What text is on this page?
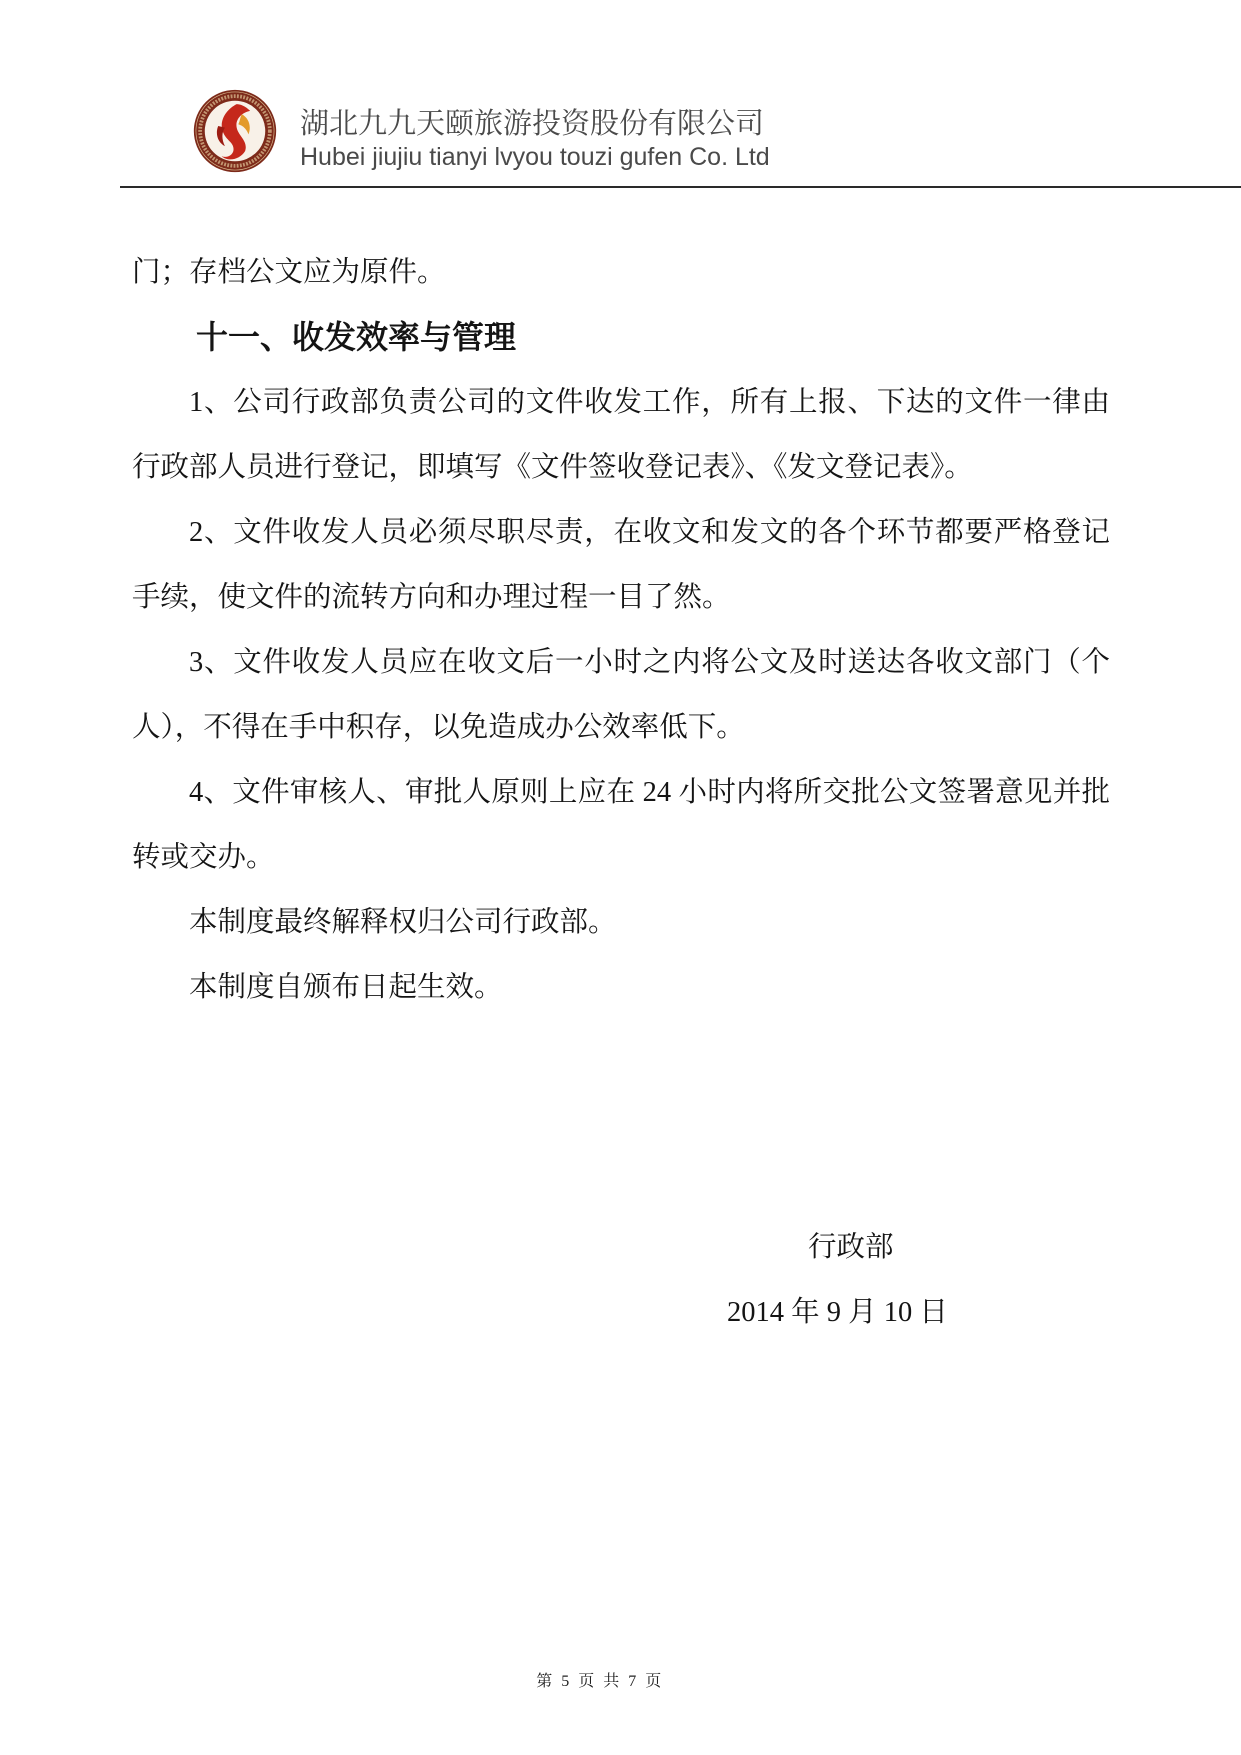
湖北九九天颐旅游投资股份有限公司
Hubei jiujiu tianyi lvyou touzi gufen Co. Ltd
门；存档公文应为原件。
十一、收发效率与管理
1、公司行政部负责公司的文件收发工作，所有上报、下达的文件一律由
行政部人员进行登记，即填写《文件签收登记表》、《发文登记表》。
2、文件收发人员必须尽职尽责，在收文和发文的各个环节都要严格登记
手续，使文件的流转方向和办理过程一目了然。
3、文件收发人员应在收文后一小时之内将公文及时送达各收文部门（个
人），不得在手中积存，以免造成办公效率低下。
4、文件审核人、审批人原则上应在 24 小时内将所交批公文签署意见并批
转或交办。
本制度最终解释权归公司行政部。
本制度自颁布日起生效。
行政部
2014 年 9 月 10 日
第 5 页 共 7 页
